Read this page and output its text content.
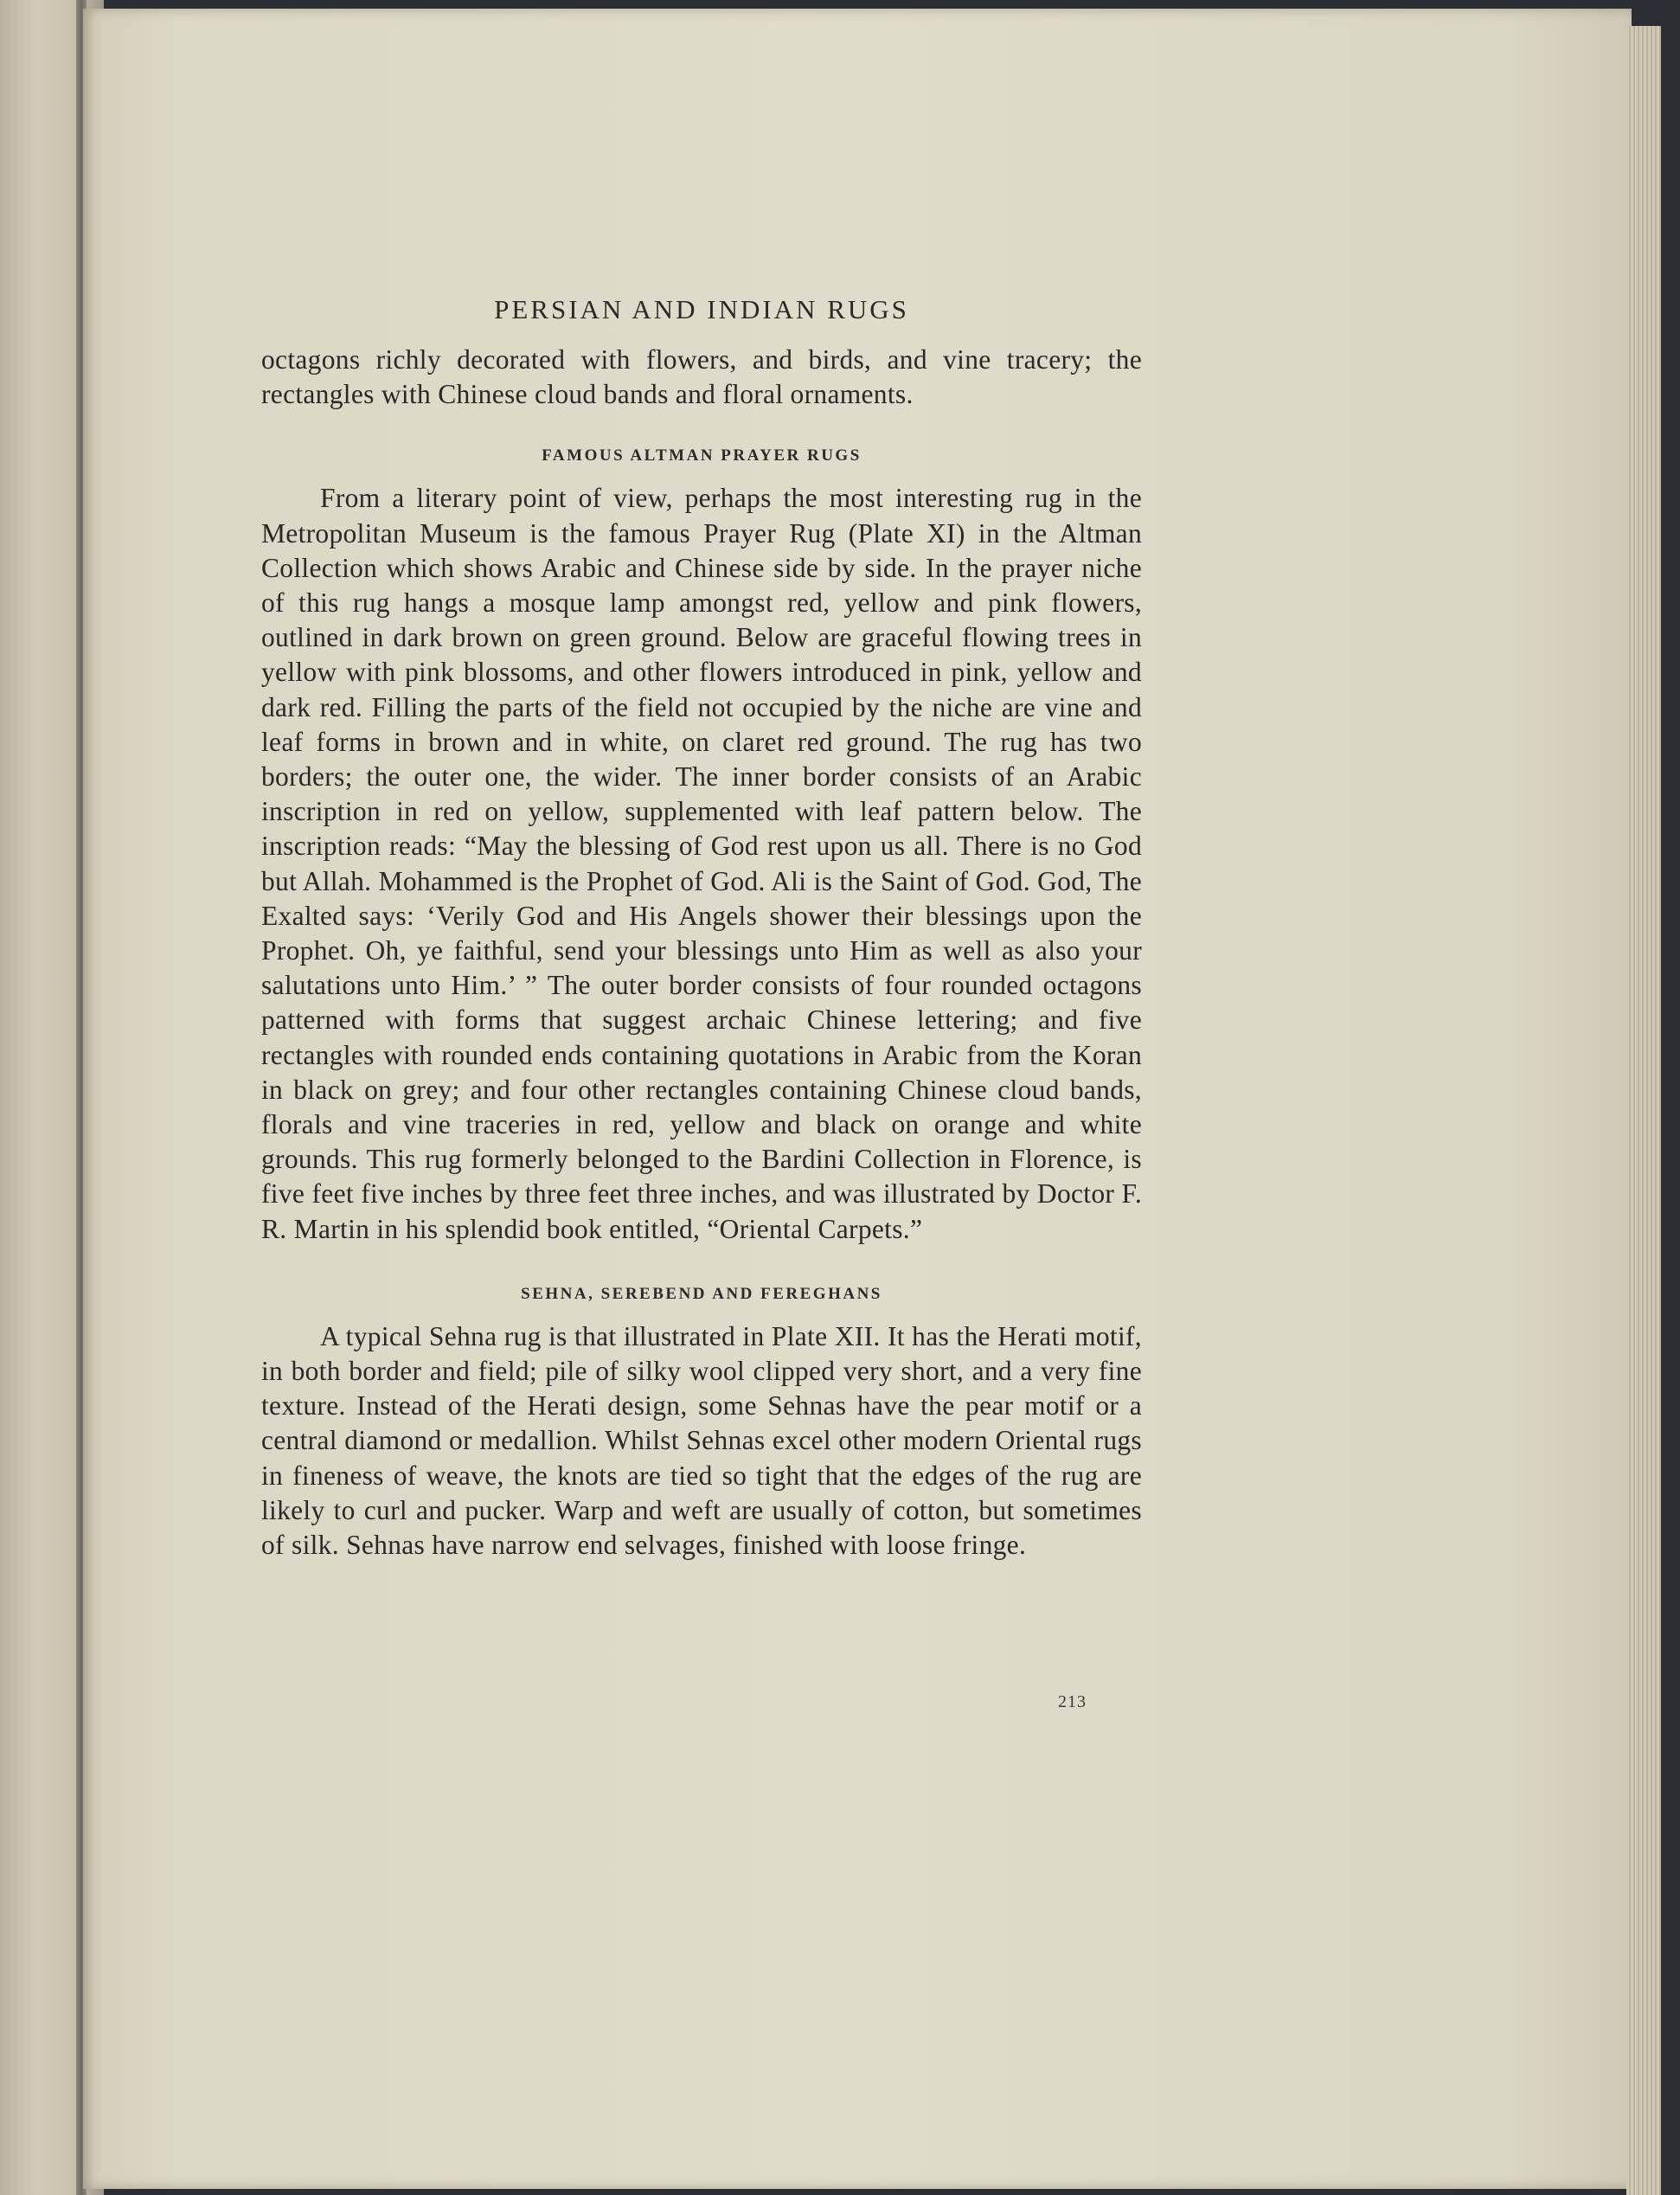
PERSIAN AND INDIAN RUGS

octagons richly decorated with flowers, and birds, and vine tracery; the rectangles with Chinese cloud bands and floral ornaments.

FAMOUS ALTMAN PRAYER RUGS

From a literary point of view, perhaps the most interesting rug in the Metropolitan Museum is the famous Prayer Rug (Plate XI) in the Altman Collection which shows Arabic and Chinese side by side. In the prayer niche of this rug hangs a mosque lamp amongst red, yellow and pink flowers, outlined in dark brown on green ground. Below are graceful flowing trees in yellow with pink blossoms, and other flowers introduced in pink, yellow and dark red. Filling the parts of the field not occupied by the niche are vine and leaf forms in brown and in white, on claret red ground. The rug has two borders; the outer one, the wider. The inner border consists of an Arabic inscription in red on yellow, supplemented with leaf pattern below. The inscription reads: “May the blessing of God rest upon us all. There is no God but Allah. Mohammed is the Prophet of God. Ali is the Saint of God. God, The Exalted says: ‘Verily God and His Angels shower their blessings upon the Prophet. Oh, ye faithful, send your blessings unto Him as well as also your salutations unto Him.’ ” The outer border consists of four rounded octagons patterned with forms that suggest archaic Chinese lettering; and five rectangles with rounded ends containing quotations in Arabic from the Koran in black on grey; and four other rectangles containing Chinese cloud bands, florals and vine traceries in red, yellow and black on orange and white grounds. This rug formerly belonged to the Bardini Collection in Florence, is five feet five inches by three feet three inches, and was illustrated by Doctor F. R. Martin in his splendid book entitled, “Oriental Carpets.”

SEHNA, SEREBEND AND FEREGHANS

A typical Sehna rug is that illustrated in Plate XII. It has the Herati motif, in both border and field; pile of silky wool clipped very short, and a very fine texture. Instead of the Herati design, some Sehnas have the pear motif or a central diamond or medallion. Whilst Sehnas excel other modern Oriental rugs in fineness of weave, the knots are tied so tight that the edges of the rug are likely to curl and pucker. Warp and weft are usually of cotton, but sometimes of silk. Sehnas have narrow end selvages, finished with loose fringe.

213
